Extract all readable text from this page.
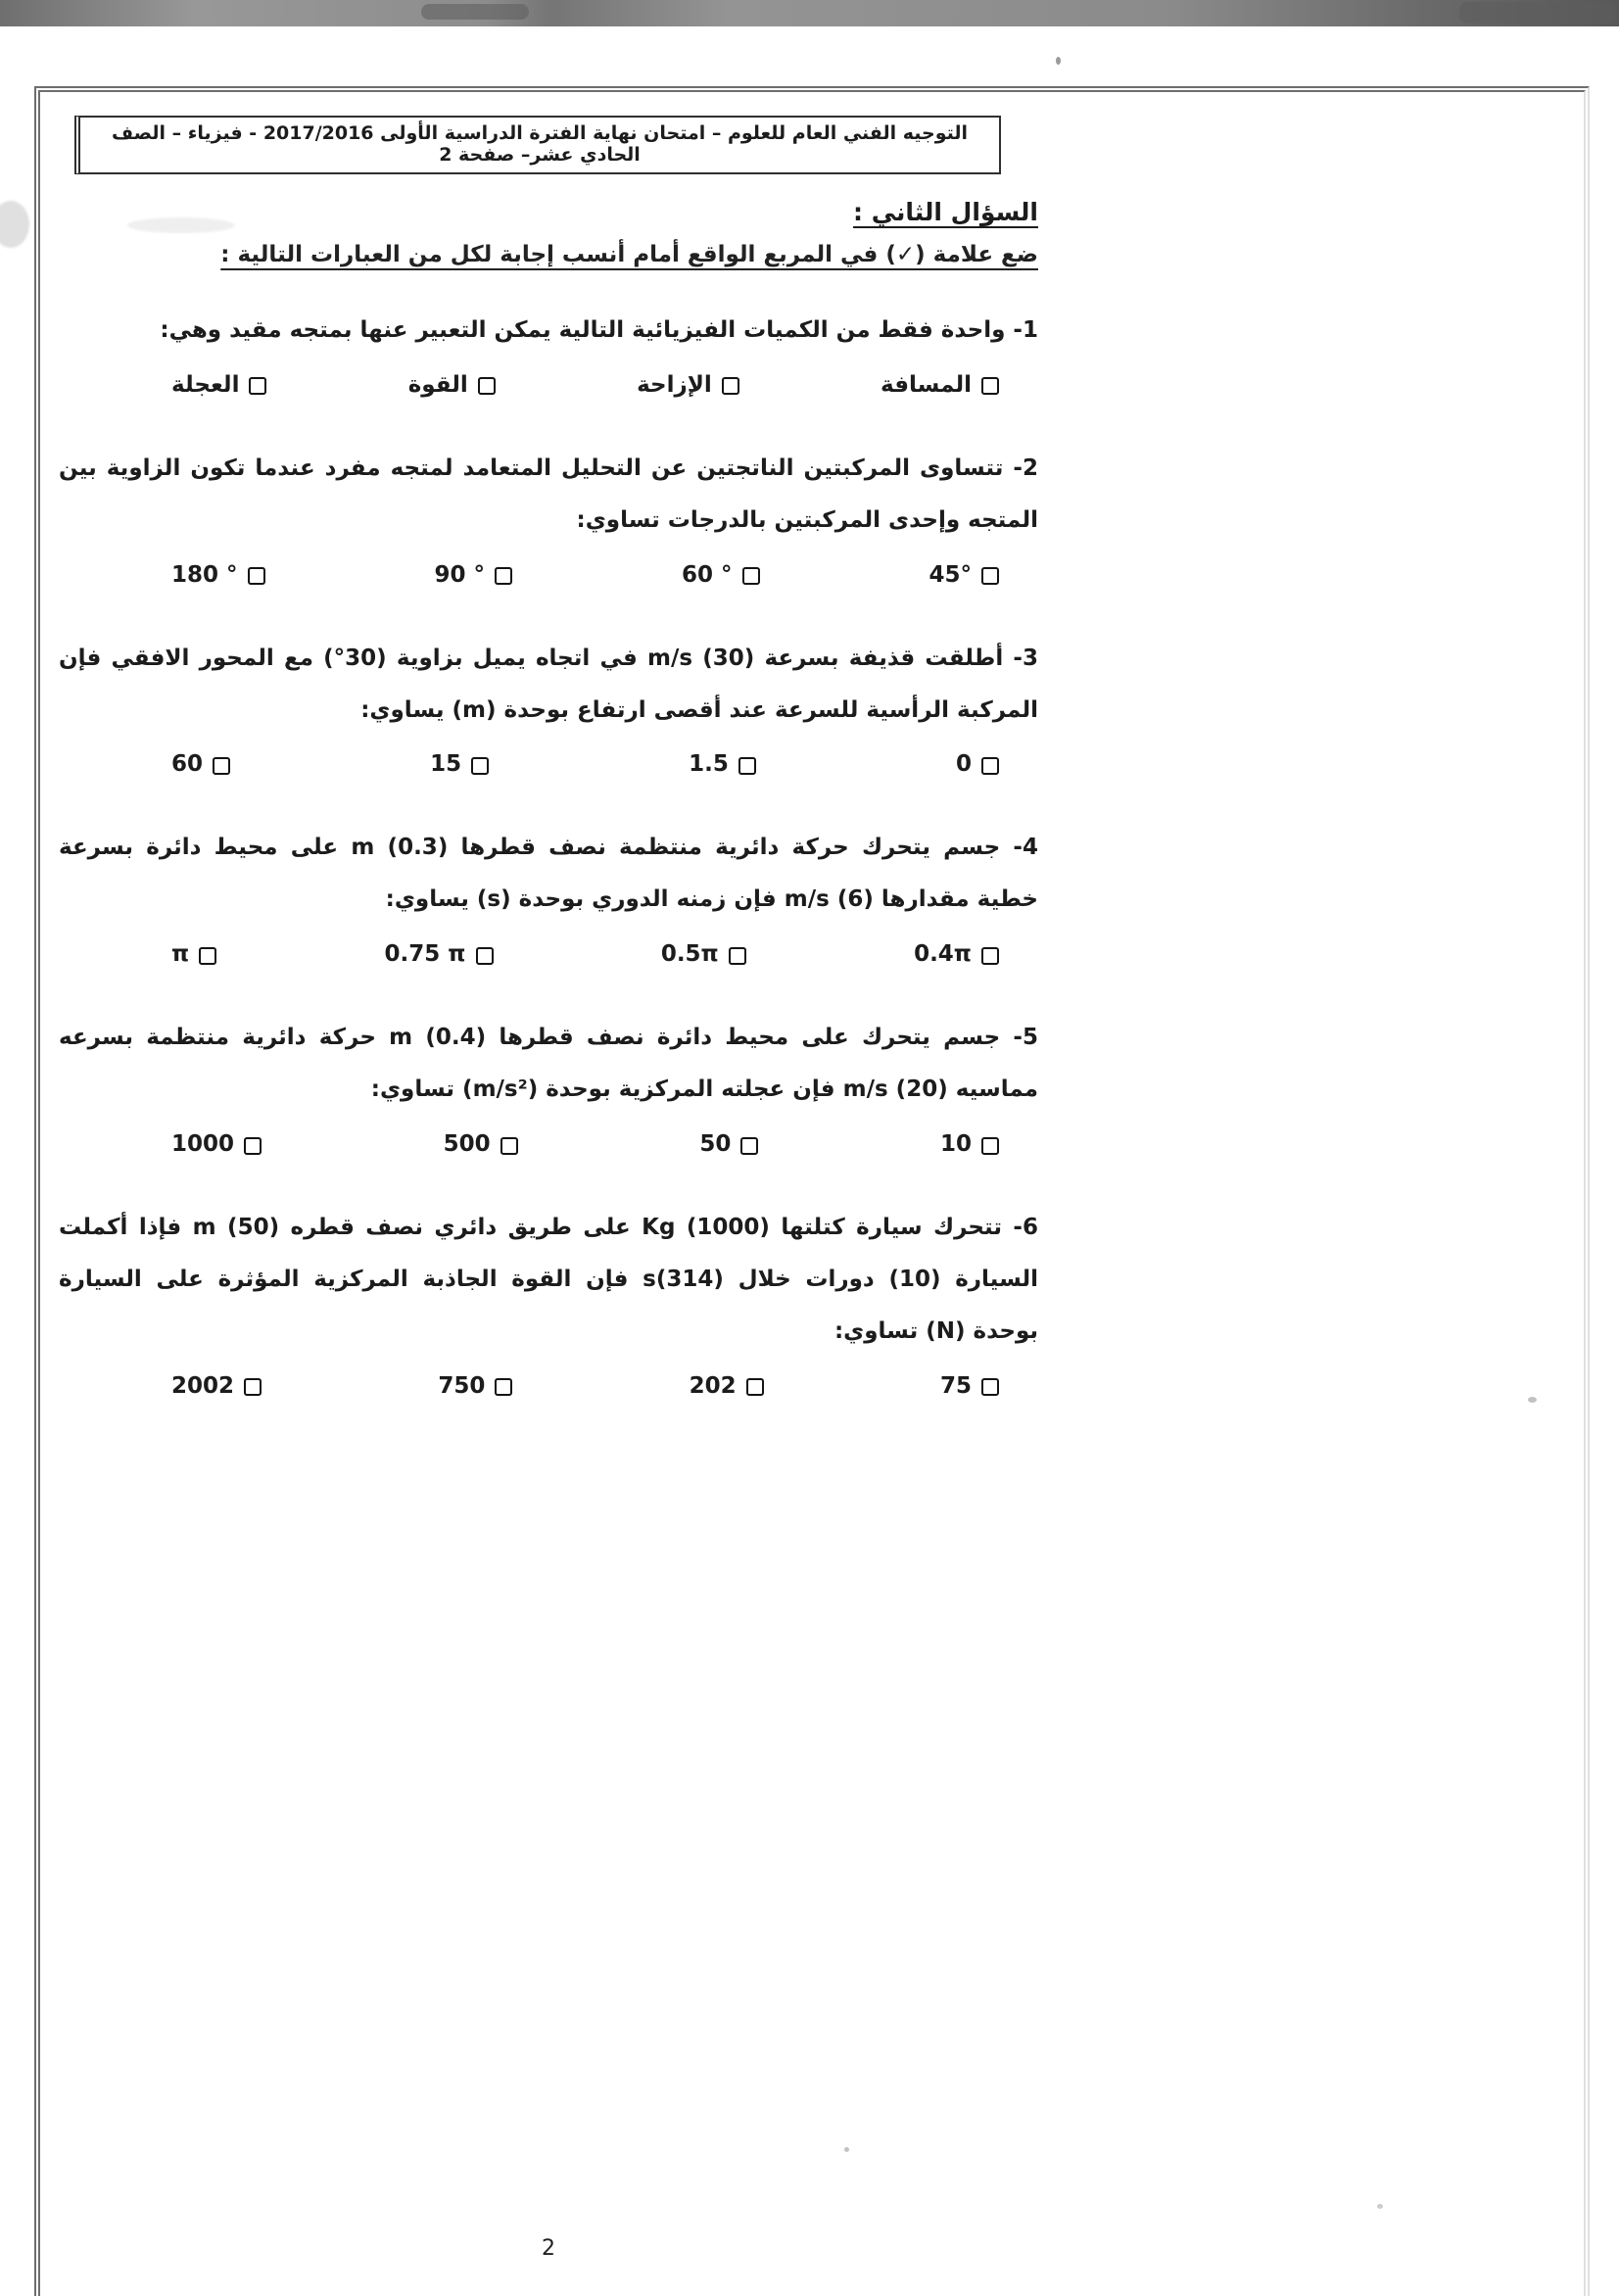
التوجيه الفني العام للعلوم – امتحان نهاية الفترة الدراسية الأولى 2017/2016 - فيزياء – الصف الحادي عشر– صفحة 2
السؤال الثاني :
ضع علامة (✓) في المربع الواقع أمام أنسب إجابة لكل من العبارات التالية :

1- واحدة فقط من الكميات الفيزيائية التالية يمكن التعبير عنها بمتجه مقيد وهي:

المسافة
الإزاحة
القوة
العجلة

2- تتساوى المركبتين الناتجتين عن التحليل المتعامد لمتجه مفرد عندما تكون الزاوية بين المتجه وإحدى المركبتين بالدرجات تساوي:

45°
60 °
90 °
180 °

3- أطلقت قذيفة بسرعة (30) m/s في اتجاه يميل بزاوية (30°) مع المحور الافقي فإن المركبة الرأسية للسرعة عند أقصى ارتفاع بوحدة (m) يساوي:

0
1.5
15
60

4- جسم يتحرك حركة دائرية منتظمة نصف قطرها (0.3) m على محيط دائرة بسرعة خطية مقدارها (6) m/s فإن زمنه الدوري بوحدة (s) يساوي:

0.4π
0.5π
0.75 π
π

5- جسم يتحرك على محيط دائرة نصف قطرها (0.4) m حركة دائرية منتظمة بسرعه مماسيه (20) m/s فإن عجلته المركزية بوحدة (m/s²) تساوي:

10
50
500
1000

6- تتحرك سيارة كتلتها (1000) Kg على طريق دائري نصف قطره (50) m فإذا أكملت السيارة (10) دورات خلال (314)s فإن القوة الجاذبة المركزية المؤثرة على السيارة بوحدة (N) تساوي:

75
202
750
2002
2
